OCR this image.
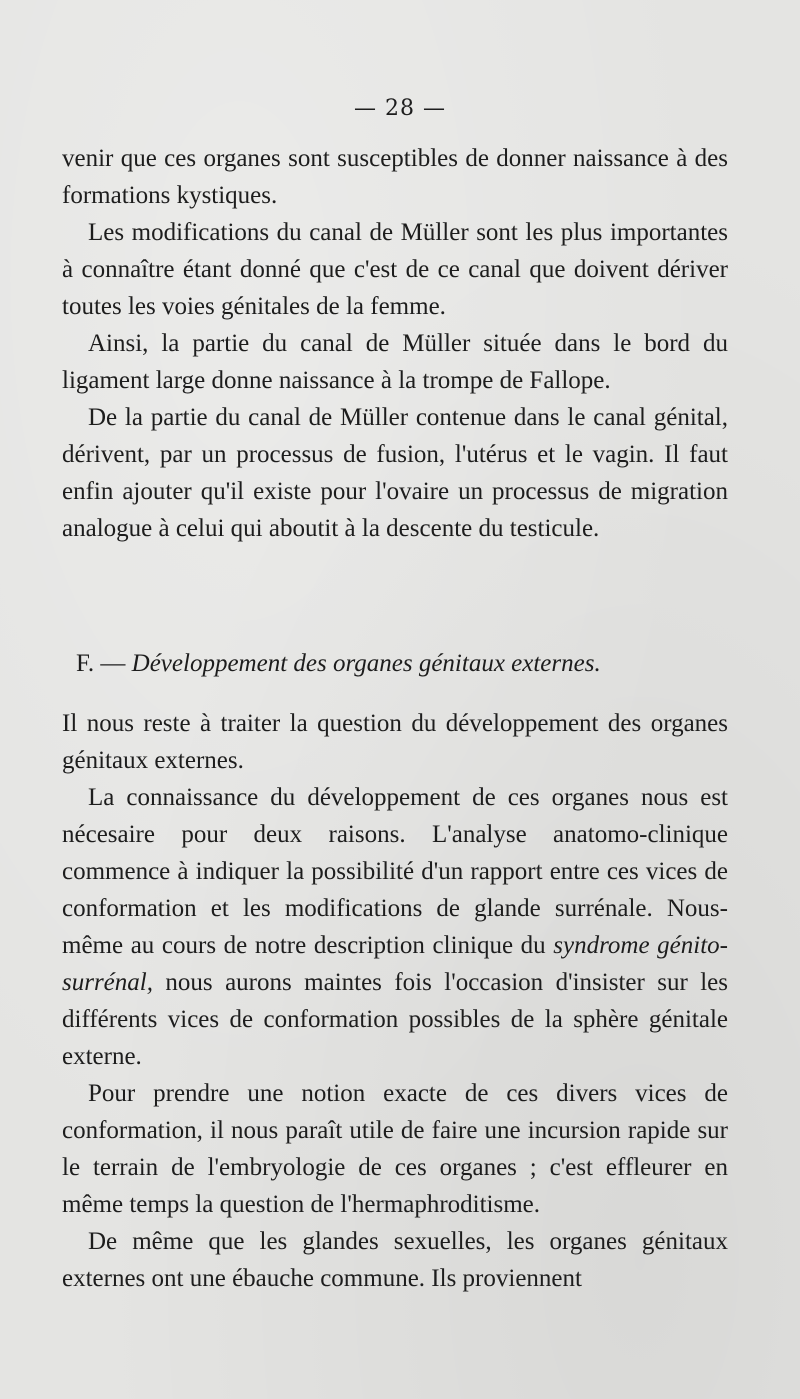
— 28 —

venir que ces organes sont susceptibles de donner naissance à des formations kystiques.

Les modifications du canal de Müller sont les plus importantes à connaître étant donné que c'est de ce canal que doivent dériver toutes les voies génitales de la femme.

Ainsi, la partie du canal de Müller située dans le bord du ligament large donne naissance à la trompe de Fallope.

De la partie du canal de Müller contenue dans le canal génital, dérivent, par un processus de fusion, l'utérus et le vagin. Il faut enfin ajouter qu'il existe pour l'ovaire un processus de migration analogue à celui qui aboutit à la descente du testicule.

F. — Développement des organes génitaux externes.

Il nous reste à traiter la question du développement des organes génitaux externes.

La connaissance du développement de ces organes nous est nécesaire pour deux raisons. L'analyse anatomo-clinique commence à indiquer la possibilité d'un rapport entre ces vices de conformation et les modifications de glande surrénale. Nous-même au cours de notre description clinique du syndrome génito-surrénal, nous aurons maintes fois l'occasion d'insister sur les différents vices de conformation possibles de la sphère génitale externe.

Pour prendre une notion exacte de ces divers vices de conformation, il nous paraît utile de faire une incursion rapide sur le terrain de l'embryologie de ces organes ; c'est effleurer en même temps la question de l'hermaphroditisme.

De même que les glandes sexuelles, les organes génitaux externes ont une ébauche commune. Ils proviennent
